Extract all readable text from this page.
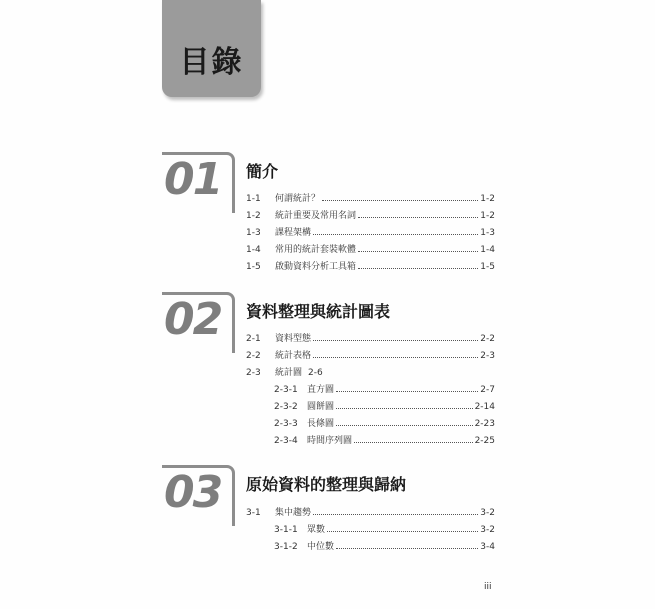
目錄
01 簡介
1-1	何謂統計？	1-2
1-2	統計重要及常用名詞	1-2
1-3	課程架構	1-3
1-4	常用的統計套裝軟體	1-4
1-5	啟動資料分析工具箱	1-5
02 資料整理與統計圖表
2-1	資料型態	2-2
2-2	統計表格	2-3
2-3	統計圖 2-6
2-3-1	直方圖	2-7
2-3-2	圓餅圖	2-14
2-3-3	長條圖	2-23
2-3-4	時間序列圖	2-25
03 原始資料的整理與歸納
3-1	集中趨勢	3-2
3-1-1	眾數	3-2
3-1-2	中位數	3-4
iii
